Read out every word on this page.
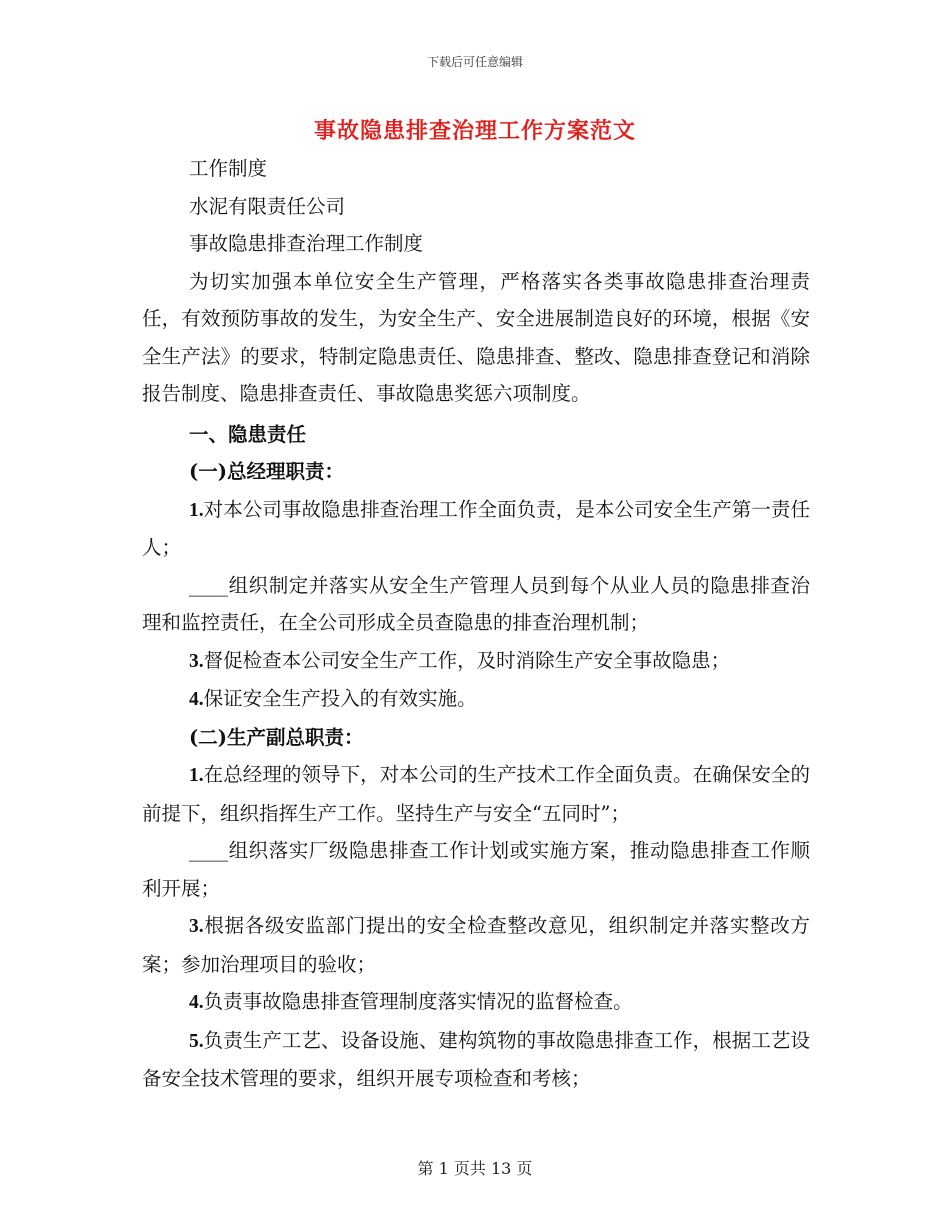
下载后可任意编辑
事故隐患排查治理工作方案范文

工作制度

水泥有限责任公司

事故隐患排查治理工作制度

为切实加强本单位安全生产管理，严格落实各类事故隐患排查治理责任，有效预防事故的发生，为安全生产、安全进展制造良好的环境，根据《安全生产法》的要求，特制定隐患责任、隐患排查、整改、隐患排查登记和消除报告制度、隐患排查责任、事故隐患奖惩六项制度。

一、隐患责任

(一)总经理职责：

1.对本公司事故隐患排查治理工作全面负责，是本公司安全生产第一责任人；

____组织制定并落实从安全生产管理人员到每个从业人员的隐患排查治理和监控责任，在全公司形成全员查隐患的排查治理机制；

3.督促检查本公司安全生产工作，及时消除生产安全事故隐患；

4.保证安全生产投入的有效实施。

(二)生产副总职责：

1.在总经理的领导下，对本公司的生产技术工作全面负责。在确保安全的前提下，组织指挥生产工作。坚持生产与安全“五同时”；

____组织落实厂级隐患排查工作计划或实施方案，推动隐患排查工作顺利开展；

3.根据各级安监部门提出的安全检查整改意见，组织制定并落实整改方案；参加治理项目的验收；

4.负责事故隐患排查管理制度落实情况的监督检查。

5.负责生产工艺、设备设施、建构筑物的事故隐患排查工作，根据工艺设备安全技术管理的要求，组织开展专项检查和考核；

第 1 页共 13 页
